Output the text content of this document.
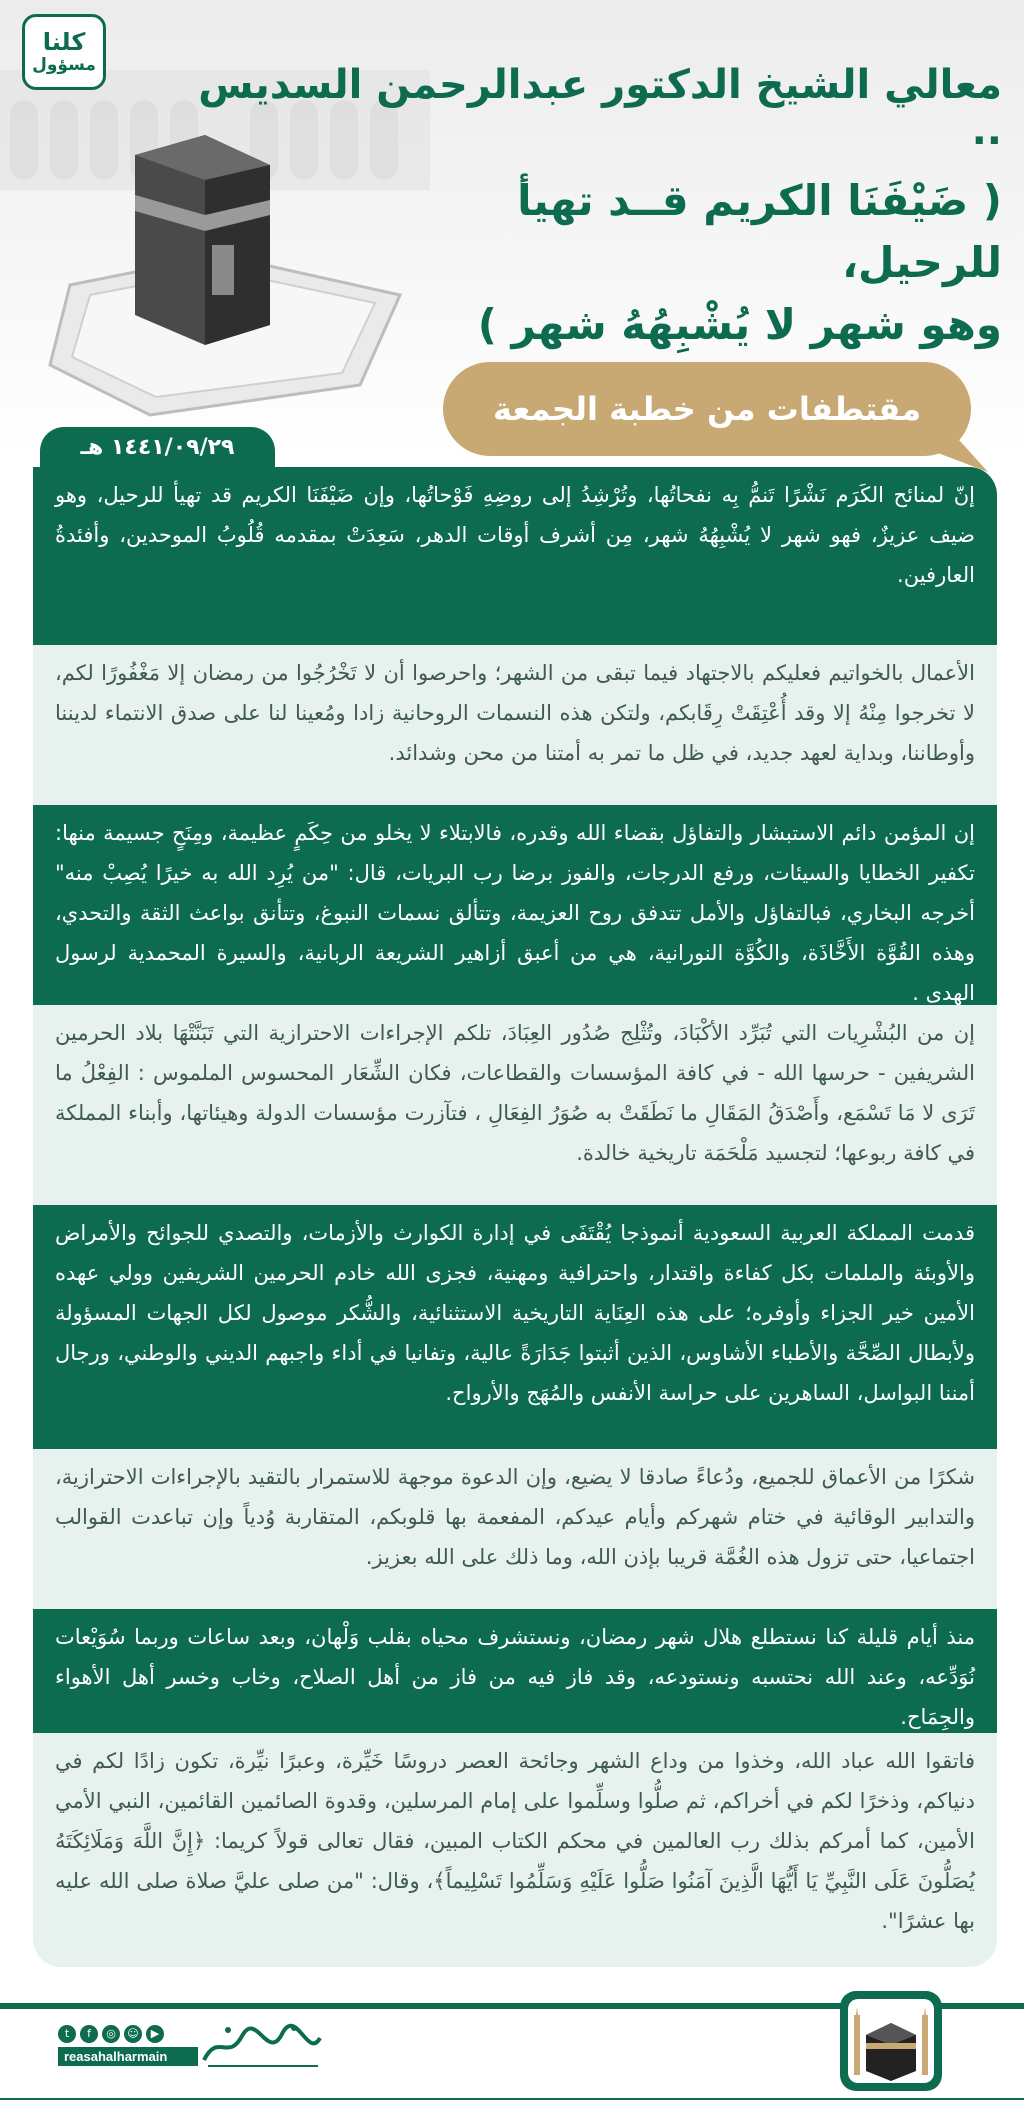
كلنا
مسؤول	معالي الشيخ الدكتور عبدالرحمن السديس ..
( ضَيْفَنَا الكريم قــد تهيأ للرحيل،
وهو شهر لا يُشْبِهُهُ شهر )
مقتطفات من خطبة الجمعة
١٤٤١/٠٩/٢٩ هـ
إنّ لمنائح الكَرَم نَشْرًا تَنمُّ بِه نفحاتُها، وتُرْشِدُ إلى روضِهِ فَوْحاتُها، وإن ضَيْفَنَا الكريم قد تهيأ للرحيل، وهو ضيف عزيزٌ، فهو شهر لا يُشْبِهُهُ شهر، مِن أشرف أوقات الدهر، سَعِدَتْ بمقدمه قُلُوبُ الموحدين، وأفئدةُ العارفين.
الأعمال بالخواتيم فعليكم بالاجتهاد فيما تبقى من الشهر؛ واحرصوا أن لا تَخْرُجُوا من رمضان إلا مَغْفُورًا لكم، لا تخرجوا مِنْهُ إلا وقد أُعْتِقَتْ رِقَابكم، ولتكن هذه النسمات الروحانية زادا ومُعينا لنا على صدق الانتماء لديننا وأوطاننا، وبداية لعهد جديد، في ظل ما تمر به أمتنا من محن وشدائد.
إن المؤمن دائم الاستبشار والتفاؤل بقضاء الله وقدره، فالابتلاء لا يخلو من حِكَمٍ عظيمة، ومِنَحٍ جسيمة منها: تكفير الخطايا والسيئات، ورفع الدرجات، والفوز برضا رب البريات، قال: "من يُرِد الله به خيرًا يُصِبْ منه" أخرجه البخاري، فبالتفاؤل والأمل تتدفق روح العزيمة، وتتألق نسمات النبوغ، وتتأنق بواعث الثقة والتحدي، وهذه القُوَّة الأَخَّاذَة، والكُوَّة النورانية، هي من أعبق أزاهير الشريعة الربانية، والسيرة المحمدية لرسول الهدى .
إن من البُشْرِيات التي تُبَرِّد الأكْبَادَ، وتُثْلِج صُدُور العِبَادَ، تلكم الإجراءات الاحترازية التي تَبَنَّتْهَا بلاد الحرمين الشريفين - حرسها الله - في كافة المؤسسات والقطاعات، فكان الشِّعَار المحسوس الملموس : الفِعْلُ ما تَرَى لا مَا تَسْمَع، وأَصْدَقُ المَقَالِ ما نَطَقَتْ به صُوَرُ الفِعَالِ ، فتآزرت مؤسسات الدولة وهيئاتها، وأبناء المملكة في كافة ربوعها؛ لتجسيد مَلْحَمَة تاريخية خالدة.
قدمت المملكة العربية السعودية أنموذجا يُقْتَفَى في إدارة الكوارث والأزمات، والتصدي للجوائح والأمراض والأوبئة والملمات بكل كفاءة واقتدار، واحترافية ومهنية، فجزى الله خادم الحرمين الشريفين وولي عهده الأمين خير الجزاء وأوفره؛ على هذه العِنَاية التاريخية الاستثنائية، والشُّكر موصول لكل الجهات المسؤولة ولأبطال الصِّحَّة والأطباء الأشاوس، الذين أثبتوا جَدَارَةً عالية، وتفانيا في أداء واجبهم الديني والوطني، ورجال أمننا البواسل، الساهرين على حراسة الأنفس والمُهَج والأرواح.
شكرًا من الأعماق للجميع، ودُعاءً صادقا لا يضيع، وإن الدعوة موجهة للاستمرار بالتقيد بالإجراءات الاحترازية، والتدابير الوقائية في ختام شهركم وأيام عيدكم، المفعمة بها قلوبكم، المتقاربة وُدياً وإن تباعدت القوالب اجتماعيا، حتى تزول هذه الغُمَّة قريبا بإذن الله، وما ذلك على الله بعزيز.
منذ أيام قليلة كنا نستطلع هلال شهر رمضان، ونستشرف محياه بقلب وَلْهان، وبعد ساعات وربما سُوَيْعات نُوَدِّعه، وعند الله نحتسبه ونستودعه، وقد فاز فيه من فاز من أهل الصلاح، وخاب وخسر أهل الأهواء والجِمَاح.
فاتقوا الله عباد الله، وخذوا من وداع الشهر وجائحة العصر دروسًا خَيِّرة، وعبرًا نيِّرة، تكون زادًا لكم في دنياكم، وذخرًا لكم في أخراكم، ثم صلُّوا وسلِّموا على إمام المرسلين، وقدوة الصائمين القائمين، النبي الأمي الأمين، كما أمركم بذلك رب العالمين في محكم الكتاب المبين، فقال تعالى قولاً كريما: ﴿إِنَّ اللَّهَ وَمَلَائِكَتَهُ يُصَلُّونَ عَلَى النَّبِيِّ يَا أَيُّهَا الَّذِينَ آمَنُوا صَلُّوا عَلَيْهِ وَسَلِّمُوا تَسْلِيماً﴾، وقال: "من صلى عليَّ صلاة صلى الله عليه بها عشرًا".
t	f	◎	☺	▶
reasahalharmain
